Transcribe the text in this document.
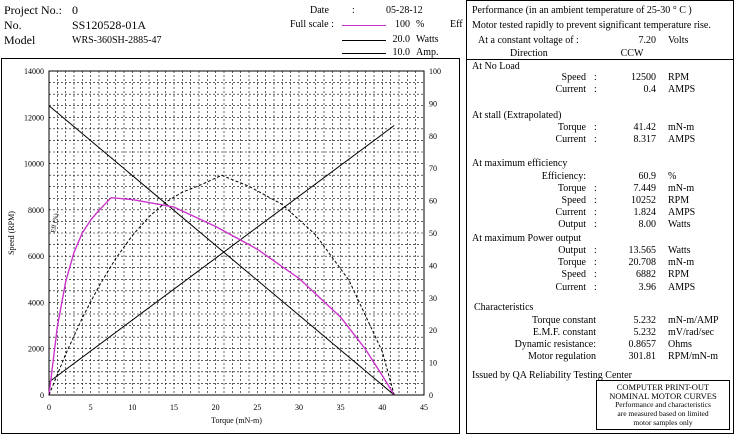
Project No.: 0
No.	SS120528-01A
Model	WRS-360SH-2885-47
Date :	05-28-12
Full scale :	100 %	Eff
20.0 Watts
10.0 Amp.
0	5	10	15	20	25	30	35	40	45
0
2000
4000
6000
8000
10000
12000
14000
0
10
20
30
40
50
60
70
80
90
100
Torque (mN-m)
Speed (RPM)	Eff (%)
Performance (in an ambient temperature of 25-30 ° C )
Motor tested rapidly to prevent significant temperature rise.
At a constant voltage of :	7.20 Volts
Direction	CCW
At No Load
Speed :	12500 RPM
Current :	0.4 AMPS
At stall (Extrapolated)
Torque :	41.42 mN-m
Current :	8.317 AMPS
At maximum efficiency
Efficiency:	60.9 %
Torque :	7.449 mN-m
Speed :	10252 RPM
Current :	1.824 AMPS
Output :	8.00 Watts
At maximum Power output
Output :	13.565 Watts
Torque :	20.708 mN-m
Speed :	6882 RPM
Current :	3.96 AMPS
Characteristics
Torque constant	5.232 mN-m/AMP
E.M.F. constant	5.232 mV/rad/sec
Dynamic resistance:	0.8657 Ohms
Motor regulation	301.81 RPM/mN-m
Issued by QA Reliability Testing Center
COMPUTER PRINT-OUT
NOMINAL MOTOR CURVES
Performance and characteristics
are measured based on limited
motor samples only
